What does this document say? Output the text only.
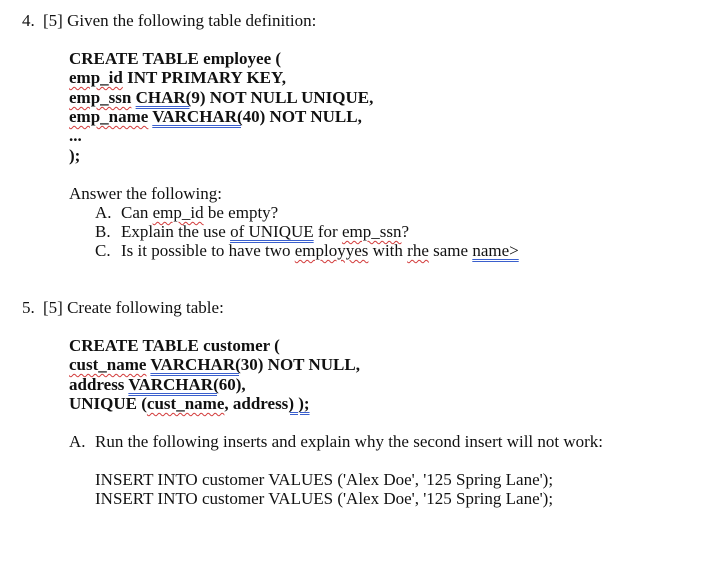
4. [5] Given the following table definition:
CREATE TABLE employee (
emp_id INT PRIMARY KEY,
emp_ssn CHAR(9) NOT NULL UNIQUE,
emp_name VARCHAR(40) NOT NULL,
...
);
Answer the following:
A. Can emp_id be empty?
B. Explain the use of UNIQUE for emp_ssn?
C. Is it possible to have two employyes with rhe same name>
5. [5] Create following table:
CREATE TABLE customer (
cust_name VARCHAR(30) NOT NULL,
address VARCHAR(60),
UNIQUE (cust_name, address) );
A. Run the following inserts and explain why the second insert will not work:
INSERT INTO customer VALUES ('Alex Doe', '125 Spring Lane');
INSERT INTO customer VALUES ('Alex Doe', '125 Spring Lane');
